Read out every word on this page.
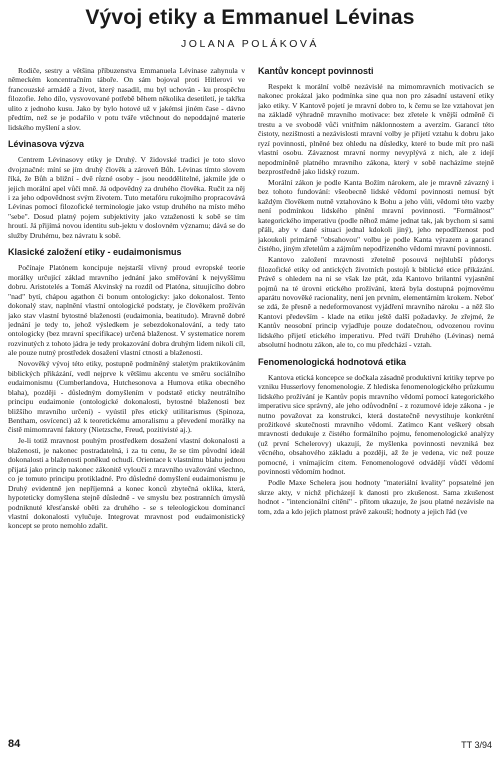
Vývoj etiky a Emmanuel Lévinas
JOLANA POLÁKOVÁ

Rodiče, sestry a většina příbuzenstva Emmanuela Lévinase zahynula v německém koncentračním táboře. On sám bojoval proti Hitlerovi ve francouzské armádě a život, který nasadil, mu byl uchován - ku prospěchu filozofie. Jeho dílo, vysvovované potřebě během několika desetiletí, je takřka ulito z jednoho kusu. Jako by bylo hotové už v jakémsi jiném čase - dávno předtím, než se je podařilo v potu tváře vtěchnout do nepoddajné materie lidského myšlení a slov.

Lévinasova výzva

Centrem Lévinasovy etiky je Druhý. V židovské tradici je toto slovo dvojznačné: míní se jím druhý člověk a zároveň Bůh. Lévinas tímto slovem říká, že Bůh a bližní - dvě různé osoby - jsou neoddělitelné, jakmile jde o jejich morální apel vůči mně. Já odpovědný za druhého člověka. Ručit za něj i za jeho odpovědnost svým životem. Tuto metafóru rukojmího propracovává Lévinas pomocí filozofické terminologie jako vstup druhého na místo mého "sebe". Dosud platný pojem subjektivity jako vztaženosti k sobě se tím hroutí. Já přijímá novou identitu sub-jektu v doslovném významu; dává se do služby Druhému, bez návratu k sobě.

Klasické založení etiky - eudaimonismus

Počínaje Platónem koncipuje nejstarší vlivný proud evropské teorie morálky určující základ mravního jednání jako směřování k nejvyššímu dobru. Aristotelés a Tomáš Akvinský na rozdíl od Platóna, situujícího dobro "nad" bytí, chápou agathon či bonum ontologicky: jako dokonalost. Tento dokonalý stav, naplnění vlastní ontologické podstaty, je člověkem prožíván jako stav vlastní bytostné blaženosti (eudaimonia, beatitudo). Mravně dobré jednání je tedy to, jehož výsledkem je sebezdokonalování, a tedy tato ontologicky (bez mravní specifikace) určená blaženost. V systematice norem rozvinutých z tohoto jádra je tedy prokazování dobra druhým lidem nikoli cíl, ale pouze nutný prostředek dosažení vlastní ctnosti a blaženosti.

Novověký vývoj této etiky, postupně podmíněný staletým praktikováním biblických přikázání, vedl nejprve k většímu akcentu ve směru sociálního eudaimonismu (Cumberlandova, Hutchesonova a Humova etika obecného blaha), později - důsledným domyšlením v podstatě eticky neutrálního principu eudaimonie (ontologické dokonalosti, bytostné blaženosti bez bližšího mravního určení) - vyústil přes etický utilitarismus (Spinoza, Bentham, osvícenci) až k teoretickému amoralismu a převedení morálky na čistě mimomravní faktory (Nietzsche, Freud, pozitivisté aj.).

Je-li totiž mravnost pouhým prostředkem dosažení vlastní dokonalosti a blaženosti, je nakonec postradatelná, i za tu cenu, že se tím původní ideál dokonalosti a blaženosti poněkud ochudí. Orientace k vlastnímu blahu jednou přijatá jako princip nakonec zákonitě vyloučí z mravního uvažování všechno, co je tomuto principu protikladné. Pro důsledné domyšlení eudaimonismu je Druhý evidentně jen nepříjemná a konec konců zbytečná oklika, která, hypoteticky domyšlena stejně důsledně - ve smyslu bez postranních úmyslů podniknuté křesťanské oběti za druhého - se s teleologickou dominancí vlastní dokonalosti vylučuje. Integrovat mravnost pod eudaimonistický koncept se proto nemohlo zdařit.

Kantův koncept povinnosti

Respekt k morální volbě nezávislé na mimomravních motivacích se nakonec prokázal jako podmínka sine qua non pro zásadní ustavení etiky jako etiky. V Kantově pojetí je mravní dobro to, k čemu se lze vztahovat jen na základě výhradně mravního motivace: bez zřetele k vnější odměně či trestu a ve svobodě vůči vnitřním náklonnostem a averzím. Garancí této čistoty, nezištnosti a nezávislosti mravní volby je přijetí vztahu k dobru jako ryzí povinnosti, plněné bez ohledu na důsledky, které to bude mít pro naši vlastní osobu. Závaznost mravní normy nevyplývá z nich, ale z idejí nepodmíněně platného mravního zákona, který v sobě nacházíme stejně bezprostředně jako lidský rozum.

Morální zákon je podle Kanta Božím nárokem, ale je mravně závazný i bez tohoto fundování: všeobecně lidské vědomí povinnosti nemusí být každým člověkem nutně vztahováno k Bohu a jeho vůli, vědomí této vazby není podmínkou lidského plnění mravní povinnosti. "Formálnost" kategorického imperativu (podle něhož máme jednat tak, jak bychom si sami přáli, aby v dané situaci jednal kdokoli jiný), jeho nepodřízenost pod jakoukoli primárně "obsahovou" volbu je podle Kanta výrazem a garancí čistého, jiným zřetelům a zájmům nepodřízeného vědomí mravní povinnosti.

Kantovo založení mravnosti zřetelně posouvá nejhlubší půdorys filozofické etiky od antických životních postojů k biblické etice přikázání. Právě s ohledem na ni se však lze ptát, zda Kantovo brilantní vyjasnění pojmů na té úrovni etického prožívání, která byla dostupná pojmovému aparátu novověké racionality, není jen prvním, elementárním krokem. Neboť se zdá, že přesně a nedeformovanost vyjádření mravního nároku - a něž šlo Kantovi především - klade na etiku ještě další požadavky. Je zřejmé, že Kantův neosobní princip vyjadřuje pouze dodatečnou, odvozenou rovinu lidského přijetí etického imperativu. Před tváří Druhého (Lévinas) nemá absolutní hodnotu zákon, ale to, co mu předchází - vztah.

Fenomenologická hodnotová etika

Kantova etická koncepce se dočkala zásadně produktivní kritiky teprve po vzniku Husserlovy fenomenologie. Z hlediska fenomenologického průzkumu lidského prožívání je Kantův popis mravního vědomí pomocí kategorického imperativu sice správný, ale jeho odůvodnění - z rozumové ideje zákona - je nutno považovat za konstrukci, která dostatečně nevystihuje konkrétní prožitkové skutečnosti mravního vědomí. Zatímco Kant veškerý obsah mravnosti dedukuje z čistého formálního pojmu, fenomenologické analýzy (už první Schelerovy) ukazují, že myšlenka povinnosti nevzniká bez věcného, obsahového základu a později, až že je vedena, vic než pouze pomocné, i vnímajícím citem. Fenomenologové odvádějí vůdčí vědomí povinnosti vědomím hodnot.

Podle Maxe Schelera jsou hodnoty "materiální kvality" popsatelné jen skrze akty, v nichž přicházejí k danosti pro zkušenost. Sama zkušenost hodnot - "intencionální cítění" - přitom ukazuje, že jsou platné nezávisle na tom, zda a kdo jejich platnost právě zakouší; hodnoty a jejich řád (ve

84	TT 3/94
